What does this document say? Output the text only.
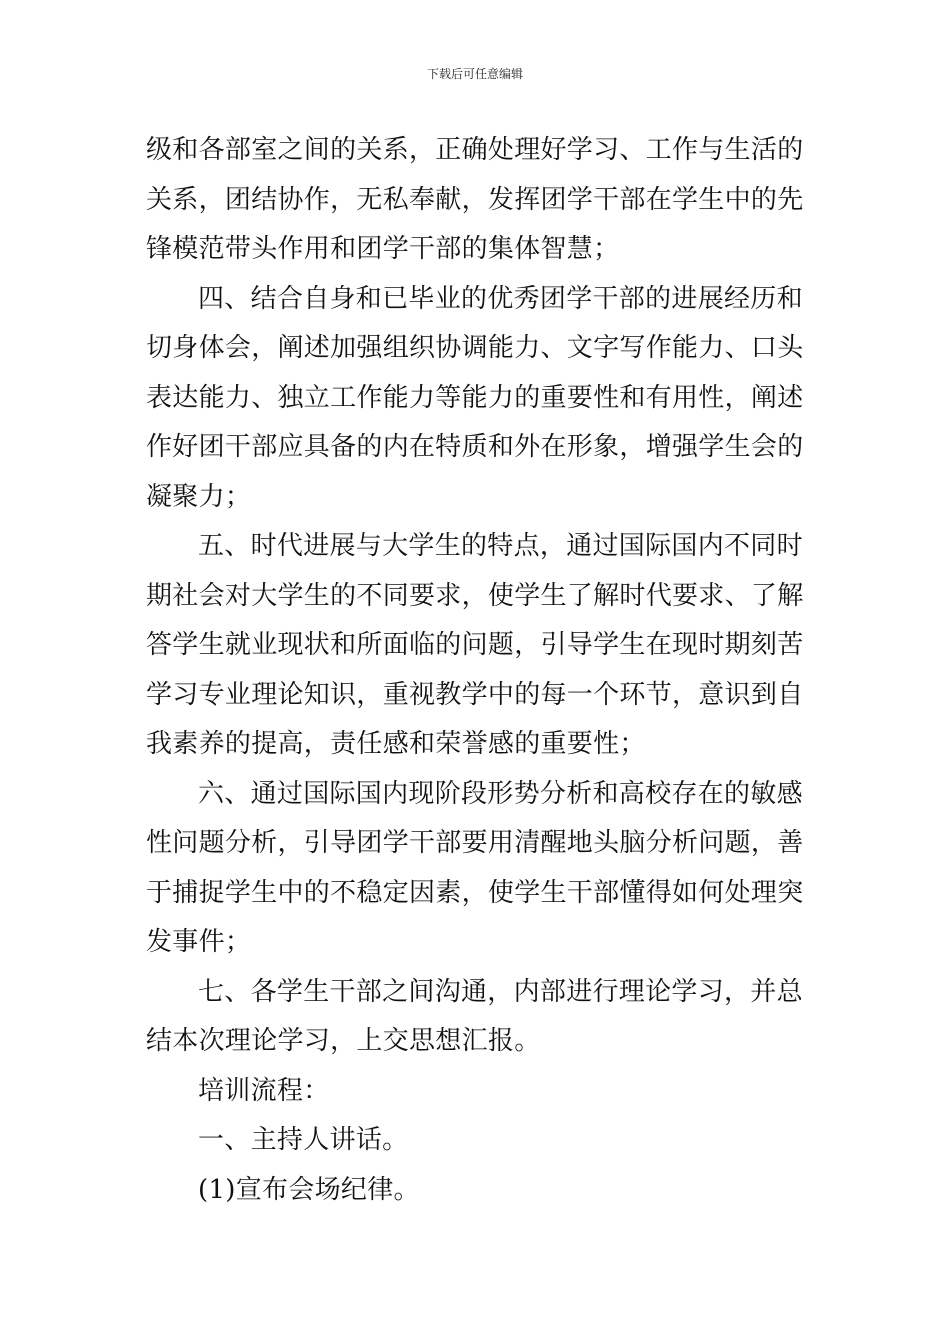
下载后可任意编辑
级和各部室之间的关系，正确处理好学习、工作与生活的
关系，团结协作，无私奉献，发挥团学干部在学生中的先
锋模范带头作用和团学干部的集体智慧；
四、结合自身和已毕业的优秀团学干部的进展经历和
切身体会，阐述加强组织协调能力、文字写作能力、口头
表达能力、独立工作能力等能力的重要性和有用性，阐述
作好团干部应具备的内在特质和外在形象，增强学生会的
凝聚力；
五、时代进展与大学生的特点，通过国际国内不同时
期社会对大学生的不同要求，使学生了解时代要求、了解
答学生就业现状和所面临的问题，引导学生在现时期刻苦
学习专业理论知识，重视教学中的每一个环节，意识到自
我素养的提高，责任感和荣誉感的重要性；
六、通过国际国内现阶段形势分析和高校存在的敏感
性问题分析，引导团学干部要用清醒地头脑分析问题，善
于捕捉学生中的不稳定因素，使学生干部懂得如何处理突
发事件；
七、各学生干部之间沟通，内部进行理论学习，并总
结本次理论学习，上交思想汇报。
培训流程：
一、主持人讲话。
(1)宣布会场纪律。
